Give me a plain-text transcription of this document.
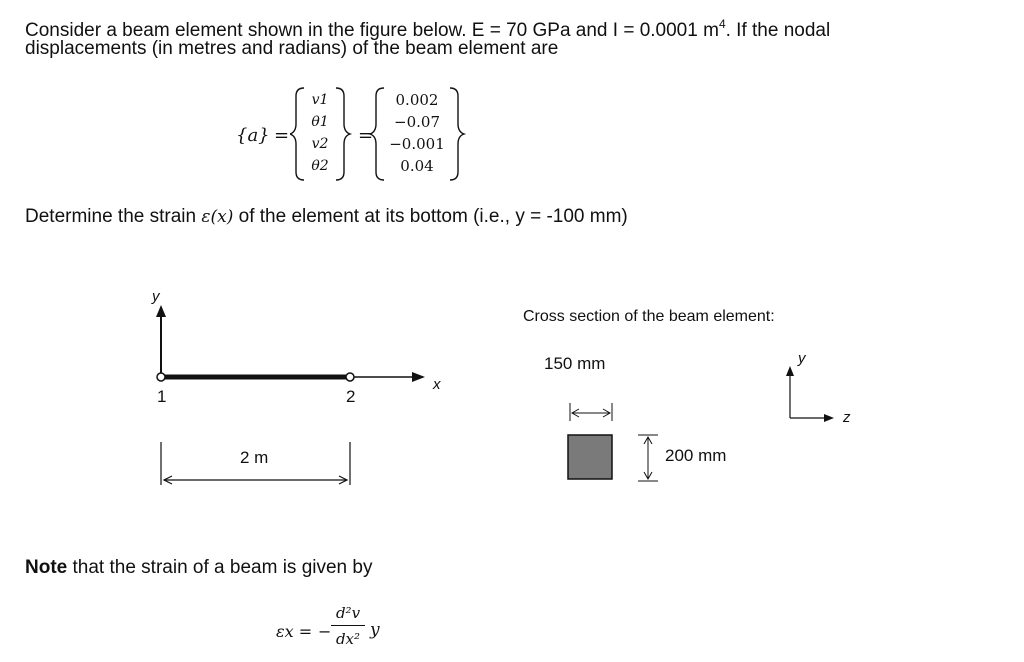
Consider a beam element shown in the figure below. E = 70 GPa and I = 0.0001 $m^4$. If the nodal
displacements (in metres and radians) of the beam element are
{a} =
v1
θ1
v2
θ2
=
0.002
−0.07
−0.001
0.04
Determine the strain ε(x) of the element at its bottom (i.e., y = -100 mm)
y
x
1	2
2 m
Cross section of the beam element:
150 mm
200 mm
y
z
Note that the strain of a beam is given by
εx = −
d²v
dx² y
